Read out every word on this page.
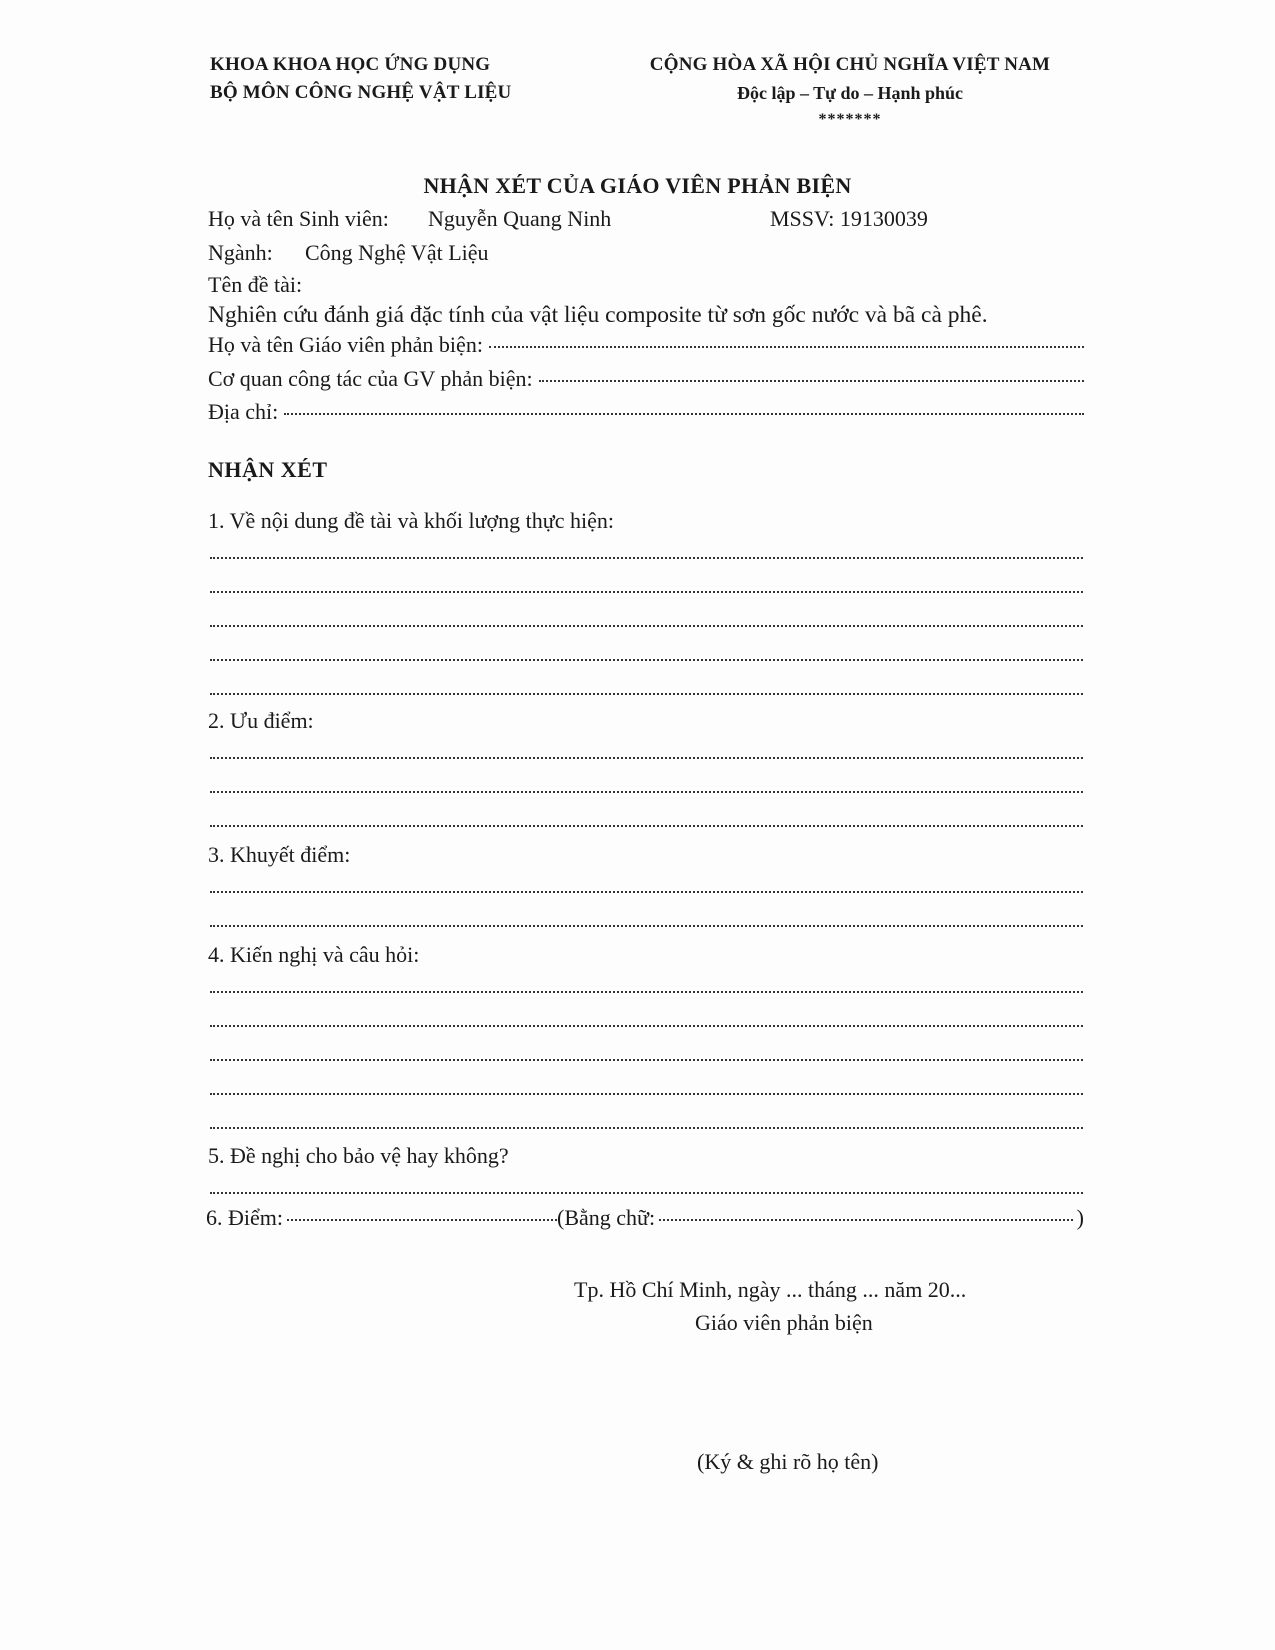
KHOA KHOA HỌC ỨNG DỤNG
BỘ MÔN CÔNG NGHỆ VẬT LIỆU
CỘNG HÒA XÃ HỘI CHỦ NGHĨA VIỆT NAM
Độc lập – Tự do – Hạnh phúc
*******
NHẬN XÉT CỦA GIÁO VIÊN PHẢN BIỆN
Họ và tên Sinh viên: Nguyễn Quang Ninh	MSSV: 19130039
Ngành: Công Nghệ Vật Liệu
Tên đề tài:
Nghiên cứu đánh giá đặc tính của vật liệu composite từ sơn gốc nước và bã cà phê.
Họ và tên Giáo viên phản biện:
Cơ quan công tác của GV phản biện:
Địa chỉ:
NHẬN XÉT
1. Về nội dung đề tài và khối lượng thực hiện:
2. Ưu điểm:
3. Khuyết điểm:
4. Kiến nghị và câu hỏi:
5. Đề nghị cho bảo vệ hay không?
6. Điểm:	(Bằng chữ:	)
Tp. Hồ Chí Minh, ngày ... tháng ... năm 20...
Giáo viên phản biện
(Ký & ghi rõ họ tên)
